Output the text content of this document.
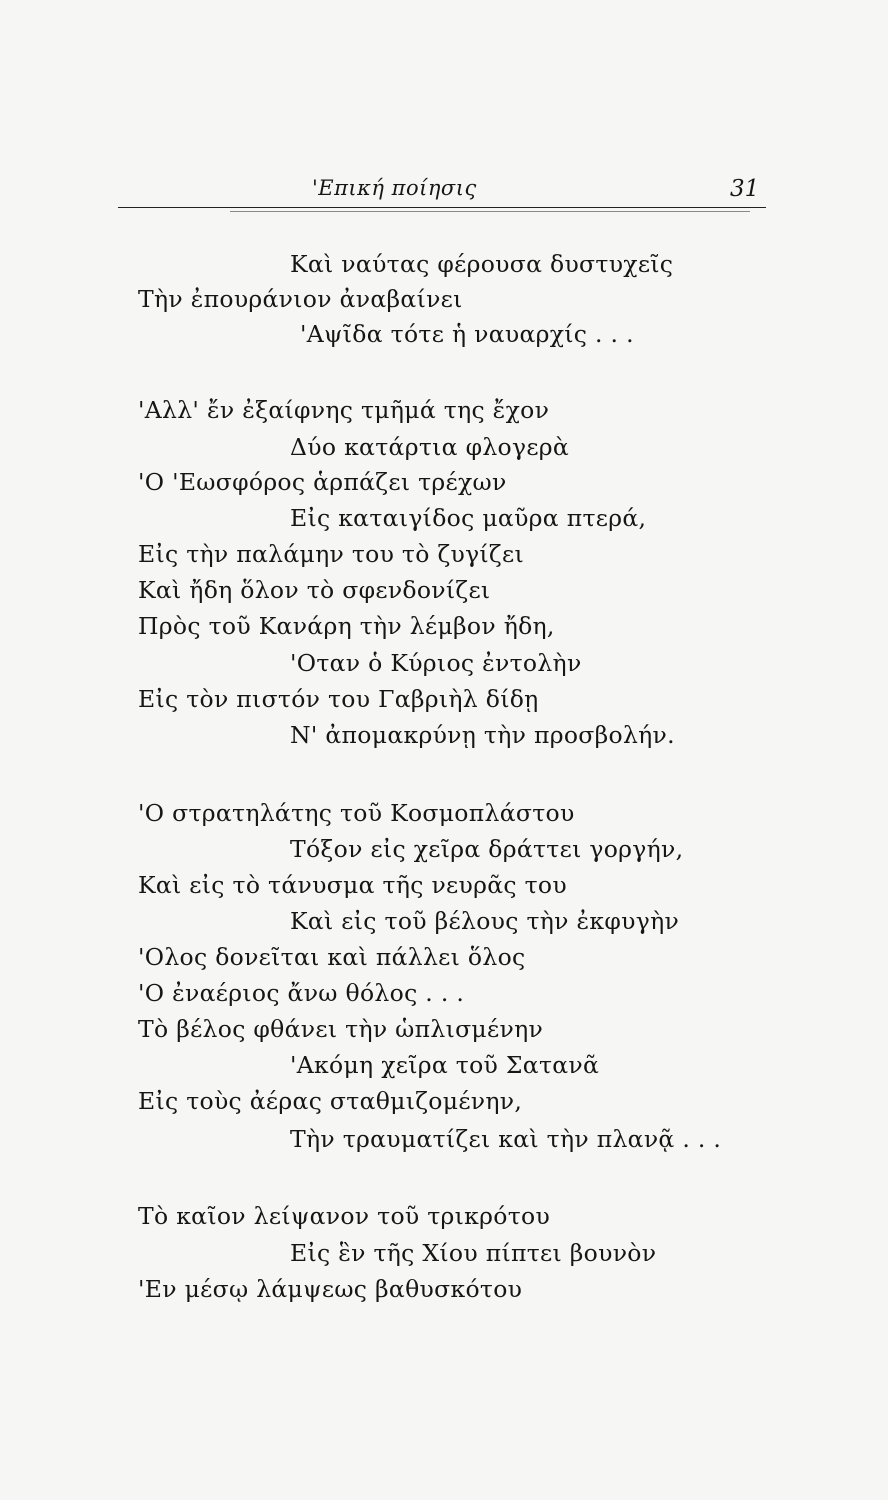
'Επική ποίησις	31
Καὶ ναύτας φέρουσα δυστυχεῖς
Τὴν ἐπουράνιον ἀναβαίνει
'Αψῖδα τότε ἡ ναυαρχίς . . .
'Αλλ' ἔν ἐξαίφνης τμῆμά της ἔχον
Δύο κατάρτια φλογερὰ
'Ο 'Εωσφόρος ἁρπάζει τρέχων
Εἰς καταιγίδος μαῦρα πτερά,
Εἰς τὴν παλάμην του τὸ ζυγίζει
Καὶ ἤδη ὅλον τὸ σφενδονίζει
Πρὸς τοῦ Κανάρη τὴν λέμβον ἤδη,
'Οταν ὁ Κύριος ἐντολὴν
Εἰς τὸν πιστόν του Γαβριὴλ δίδῃ
Ν' ἀπομακρύνῃ τὴν προσβολήν.
'Ο στρατηλάτης τοῦ Κοσμοπλάστου
Τόξον εἰς χεῖρα δράττει γοργήν,
Καὶ εἰς τὸ τάνυσμα τῆς νευρᾶς του
Καὶ εἰς τοῦ βέλους τὴν ἐκφυγὴν
'Ολος δονεῖται καὶ πάλλει ὅλος
'Ο ἐναέριος ἄνω θόλος . . .
Τὸ βέλος φθάνει τὴν ὡπλισμένην
'Ακόμη χεῖρα τοῦ Σατανᾶ
Εἰς τοὺς ἀέρας σταθμιζομένην,
Τὴν τραυματίζει καὶ τὴν πλανᾷ . . .
Τὸ καῖον λείψανον τοῦ τρικρότου
Εἰς ἓν τῆς Χίου πίπτει βουνὸν
'Εν μέσῳ λάμψεως βαθυσκότου
